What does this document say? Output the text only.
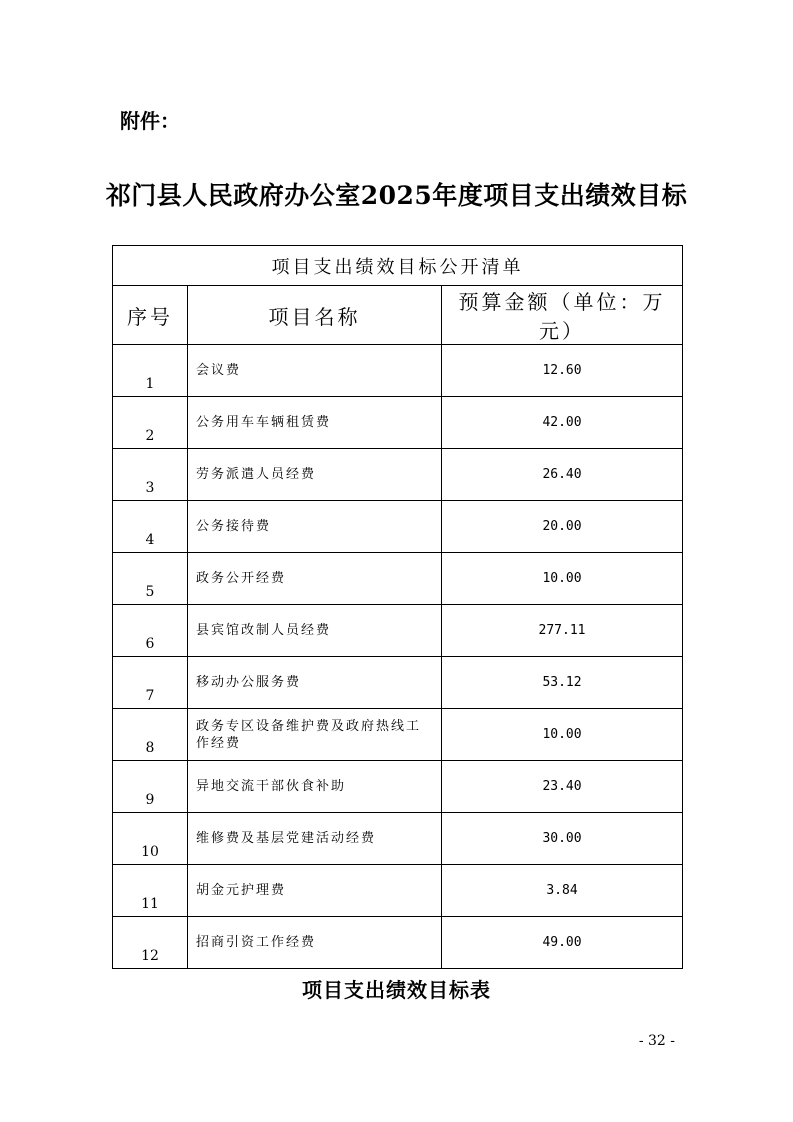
附件：
祁门县人民政府办公室2025年度项目支出绩效目标
项目支出绩效目标公开清单		
序号	项目名称	预算金额（单位：万元）
1	会议费	12.60
2	公务用车车辆租赁费	42.00
3	劳务派遣人员经费	26.40
4	公务接待费	20.00
5	政务公开经费	10.00
6	县宾馆改制人员经费	277.11
7	移动办公服务费	53.12
8	政务专区设备维护费及政府热线工作经费	10.00
9	异地交流干部伙食补助	23.40
10	维修费及基层党建活动经费	30.00
11	胡金元护理费	3.84
12	招商引资工作经费	49.00
项目支出绩效目标表
- 32 -
